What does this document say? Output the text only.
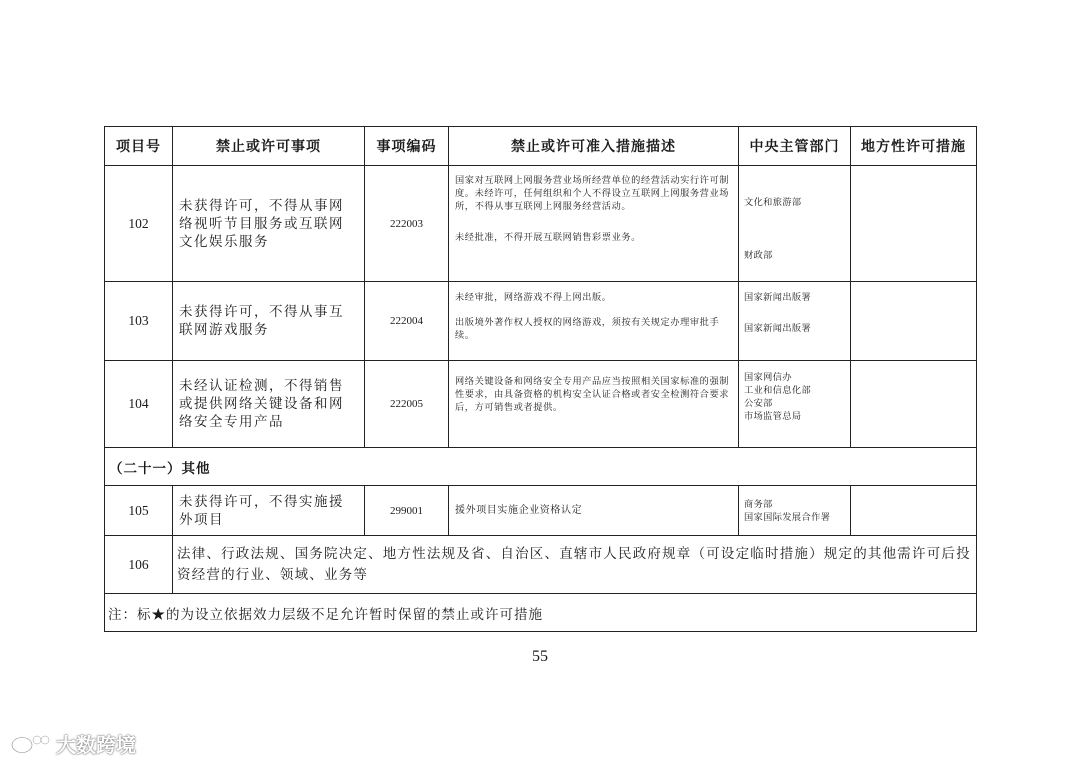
项目号	禁止或许可事项	事项编码	禁止或许可准入措施描述	中央主管部门	地方性许可措施
102	未获得许可，不得从事网络视听节目服务或互联网文化娱乐服务	222003	国家对互联网上网服务营业场所经营单位的经营活动实行许可制度。未经许可，任何组织和个人不得设立互联网上网服务营业场所，不得从事互联网上网服务经营活动。
未经批准，不得开展互联网销售彩票业务。	文化和旅游部
财政部	

103	未获得许可，不得从事互联网游戏服务	222004	未经审批，网络游戏不得上网出版。
出版境外著作权人授权的网络游戏，须按有关规定办理审批手续。	国家新闻出版署
国家新闻出版署	

104	未经认证检测，不得销售或提供网络关键设备和网络安全专用产品	222005	网络关键设备和网络安全专用产品应当按照相关国家标准的强制性要求，由具备资格的机构安全认证合格或者安全检测符合要求后，方可销售或者提供。	国家网信办
工业和信息化部
公安部
市场监管总局	

（二十一）其他					
105	未获得许可，不得实施援外项目	299001	援外项目实施企业资格认定	商务部
国家国际发展合作署	

106	法律、行政法规、国务院决定、地方性法规及省、自治区、直辖市人民政府规章（可设定临时措施）规定的其他需许可后投资经营的行业、领域、业务等				
注：标★的为设立依据效力层级不足允许暂时保留的禁止或许可措施					
55
大数跨境
